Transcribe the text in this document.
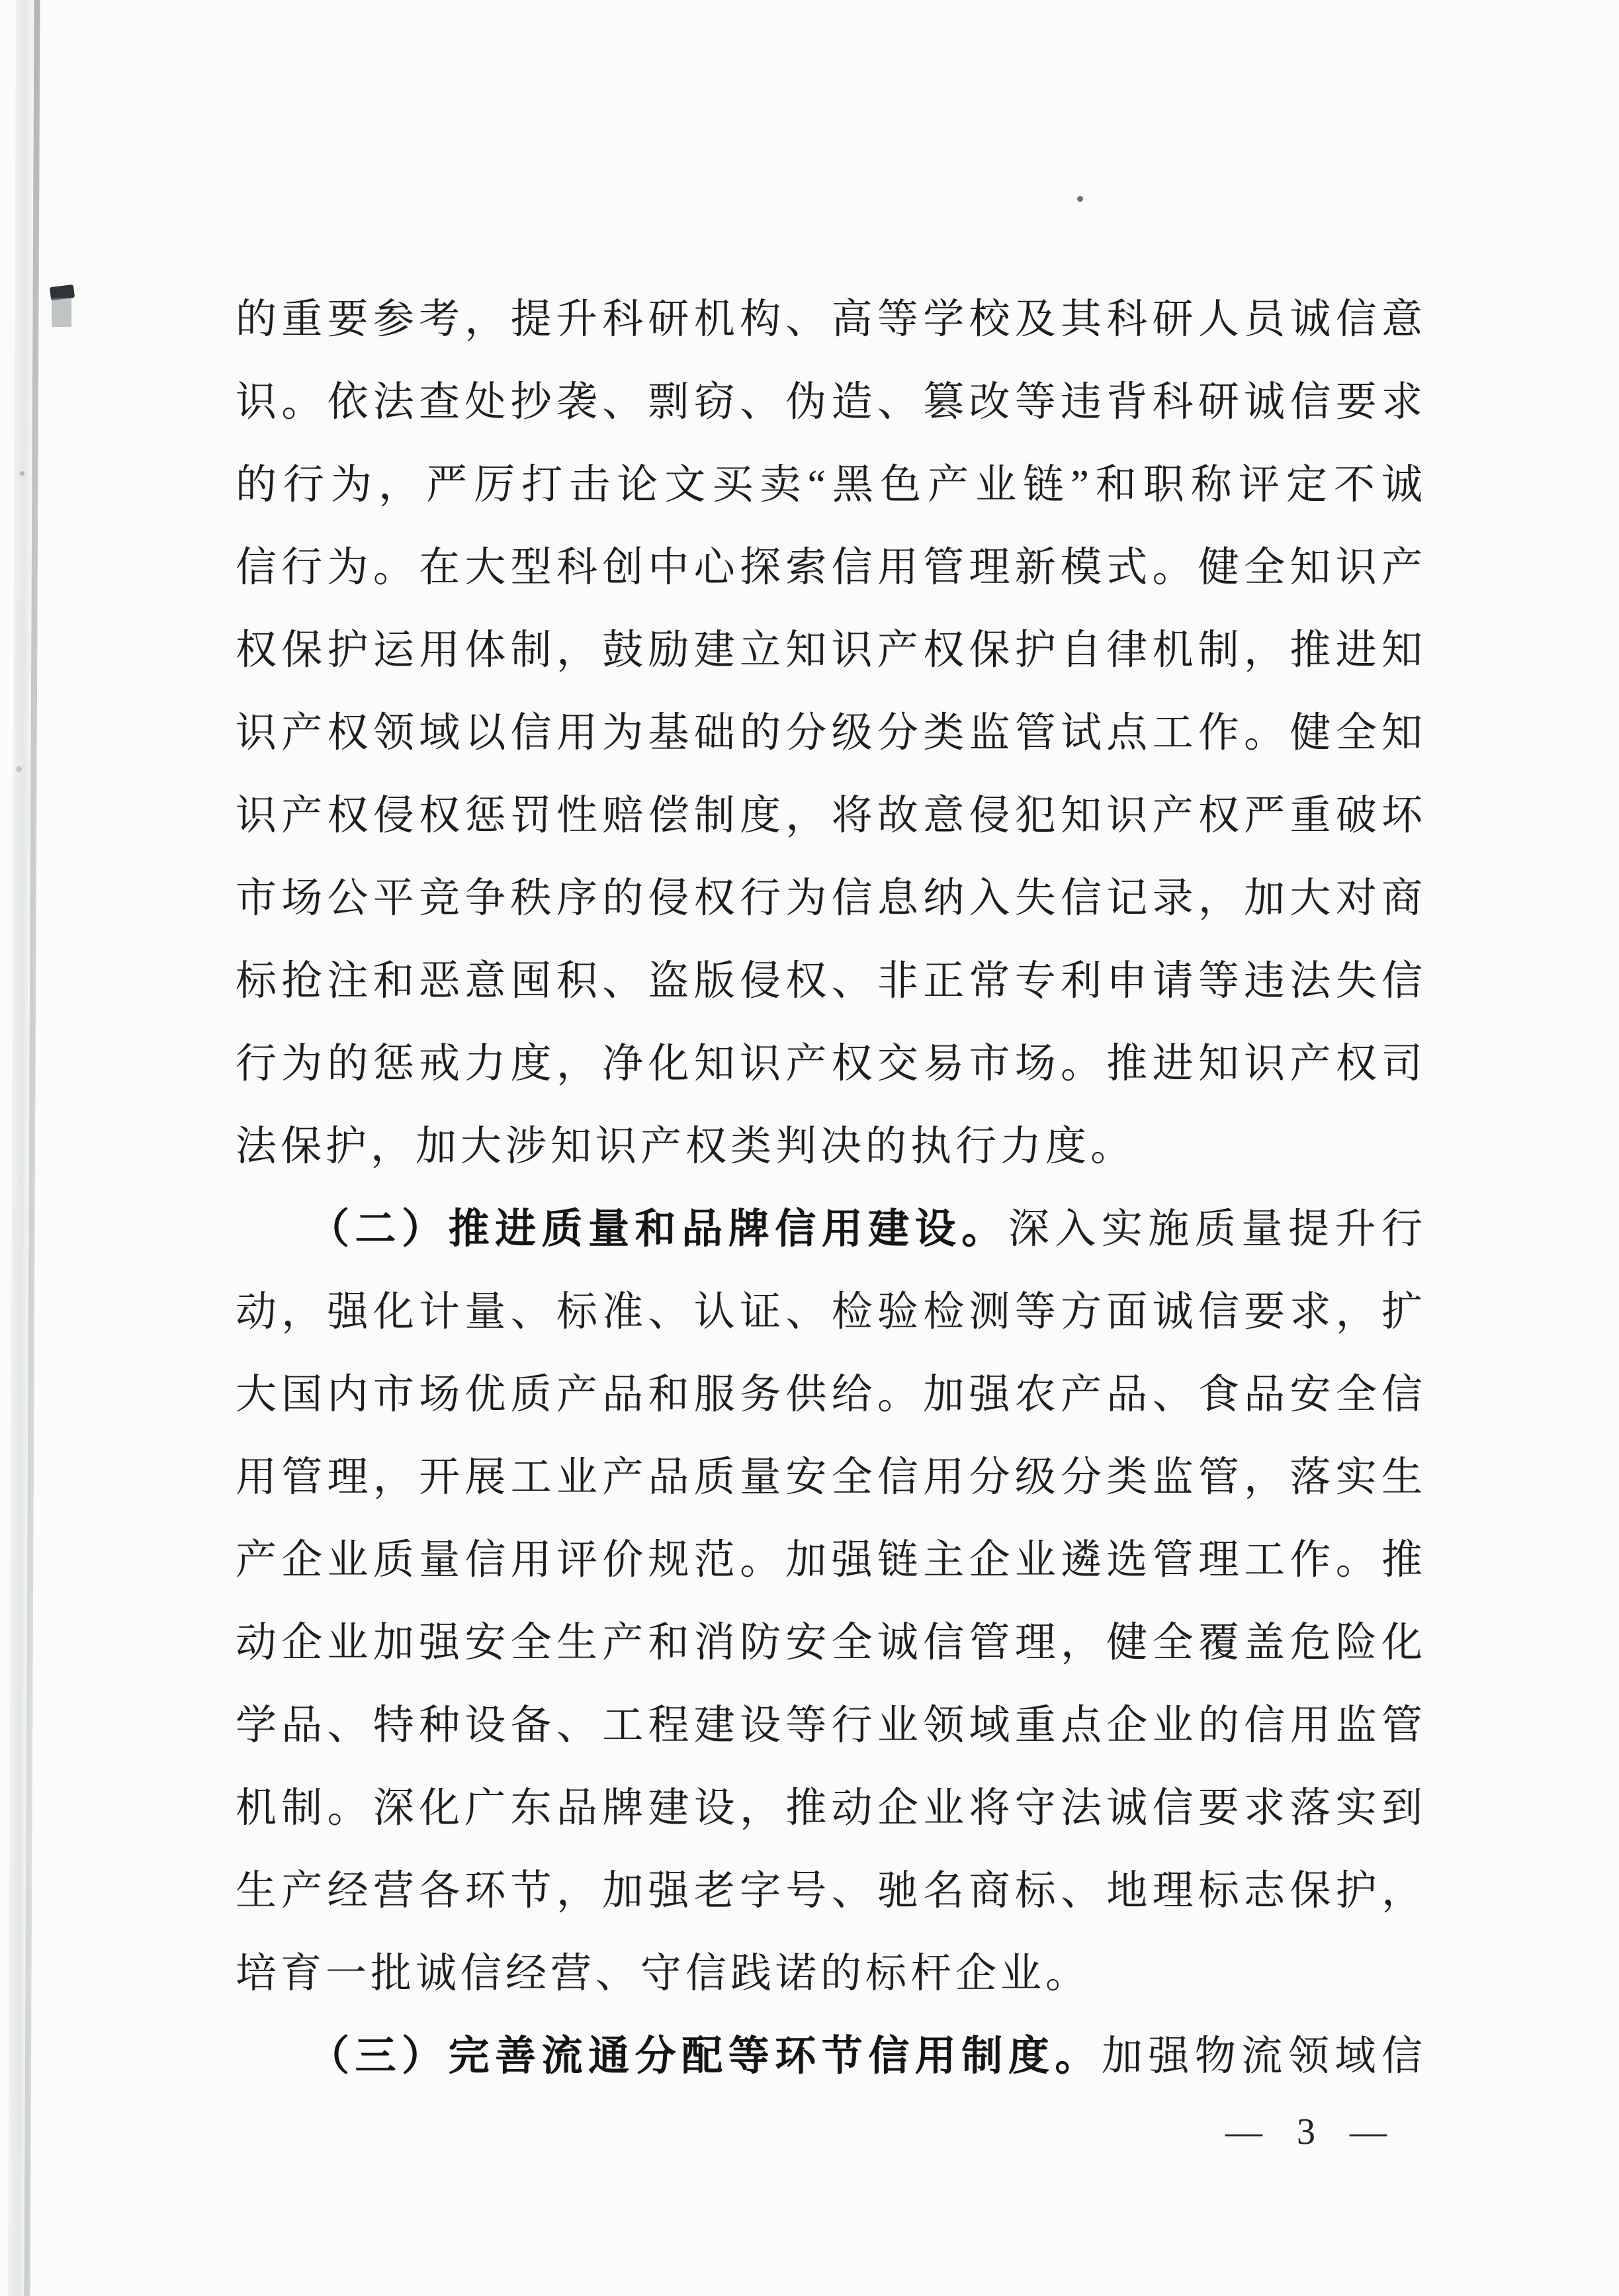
的重要参考，提升科研机构、高等学校及其科研人员诚信意
识。依法查处抄袭、剽窃、伪造、篡改等违背科研诚信要求
的行为，严厉打击论文买卖“黑色产业链”和职称评定不诚
信行为。在大型科创中心探索信用管理新模式。健全知识产
权保护运用体制，鼓励建立知识产权保护自律机制，推进知
识产权领域以信用为基础的分级分类监管试点工作。健全知
识产权侵权惩罚性赔偿制度，将故意侵犯知识产权严重破坏
市场公平竞争秩序的侵权行为信息纳入失信记录，加大对商
标抢注和恶意囤积、盗版侵权、非正常专利申请等违法失信
行为的惩戒力度，净化知识产权交易市场。推进知识产权司
法保护，加大涉知识产权类判决的执行力度。
　　（二）推进质量和品牌信用建设。深入实施质量提升行
动，强化计量、标准、认证、检验检测等方面诚信要求，扩
大国内市场优质产品和服务供给。加强农产品、食品安全信
用管理，开展工业产品质量安全信用分级分类监管，落实生
产企业质量信用评价规范。加强链主企业遴选管理工作。推
动企业加强安全生产和消防安全诚信管理，健全覆盖危险化
学品、特种设备、工程建设等行业领域重点企业的信用监管
机制。深化广东品牌建设，推动企业将守法诚信要求落实到
生产经营各环节，加强老字号、驰名商标、地理标志保护，
培育一批诚信经营、守信践诺的标杆企业。
　　（三）完善流通分配等环节信用制度。加强物流领域信
— 3 —
